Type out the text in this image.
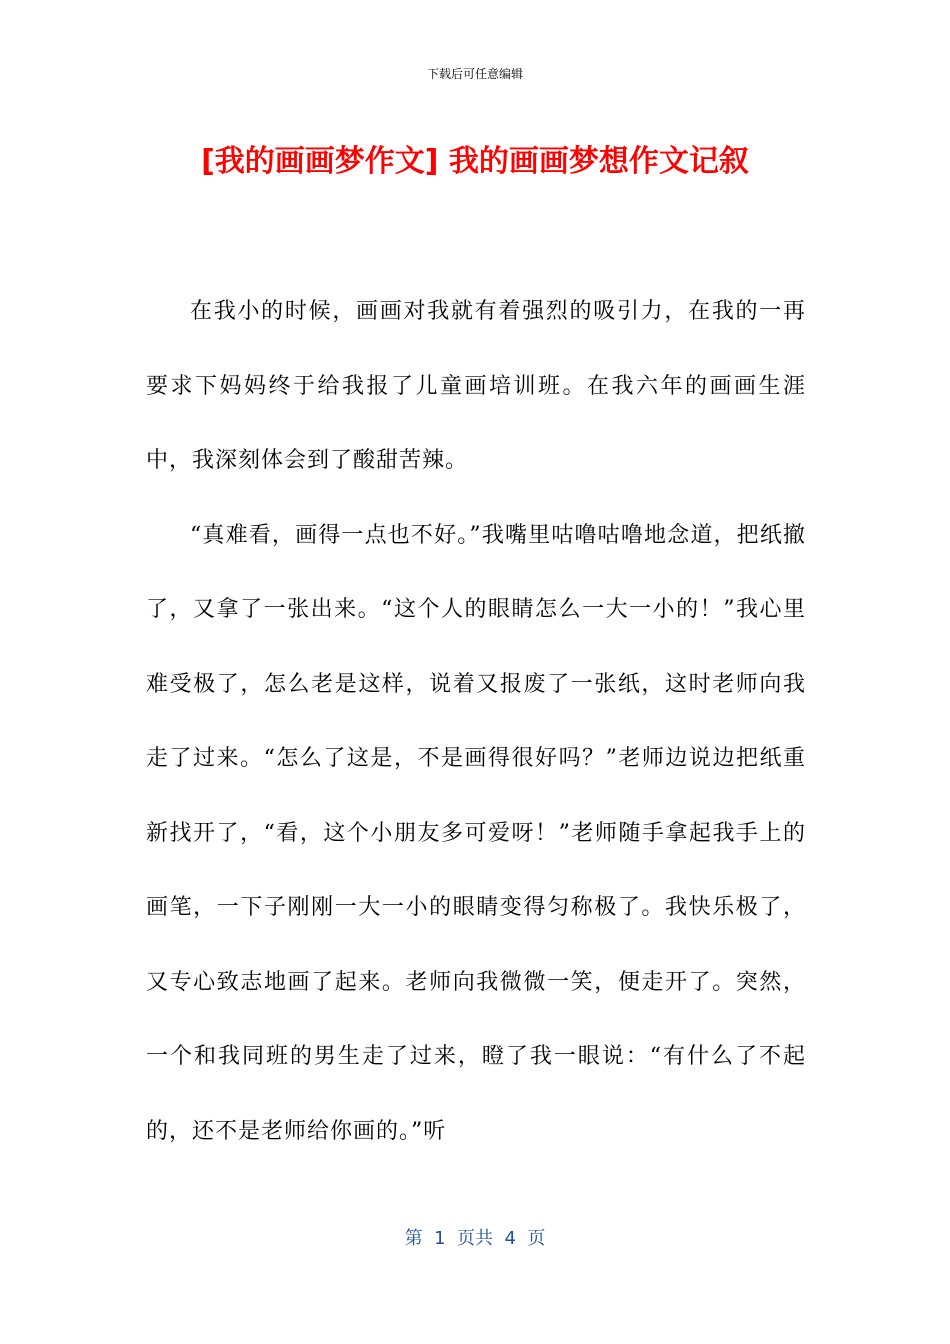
下载后可任意编辑
[我的画画梦作文] 我的画画梦想作文记叙

在我小的时候，画画对我就有着强烈的吸引力，在我的一再要求下妈妈终于给我报了儿童画培训班。在我六年的画画生涯中，我深刻体会到了酸甜苦辣。

“真难看，画得一点也不好。”我嘴里咕噜咕噜地念道，把纸撤了，又拿了一张出来。“这个人的眼睛怎么一大一小的！”我心里难受极了，怎么老是这样，说着又报废了一张纸，这时老师向我走了过来。“怎么了这是，不是画得很好吗？”老师边说边把纸重新找开了，“看，这个小朋友多可爱呀！”老师随手拿起我手上的画笔，一下子刚刚一大一小的眼睛变得匀称极了。我快乐极了，又专心致志地画了起来。老师向我微微一笑，便走开了。突然，一个和我同班的男生走了过来，瞪了我一眼说：“有什么了不起的，还不是老师给你画的。”听

第  1  页共  4  页
